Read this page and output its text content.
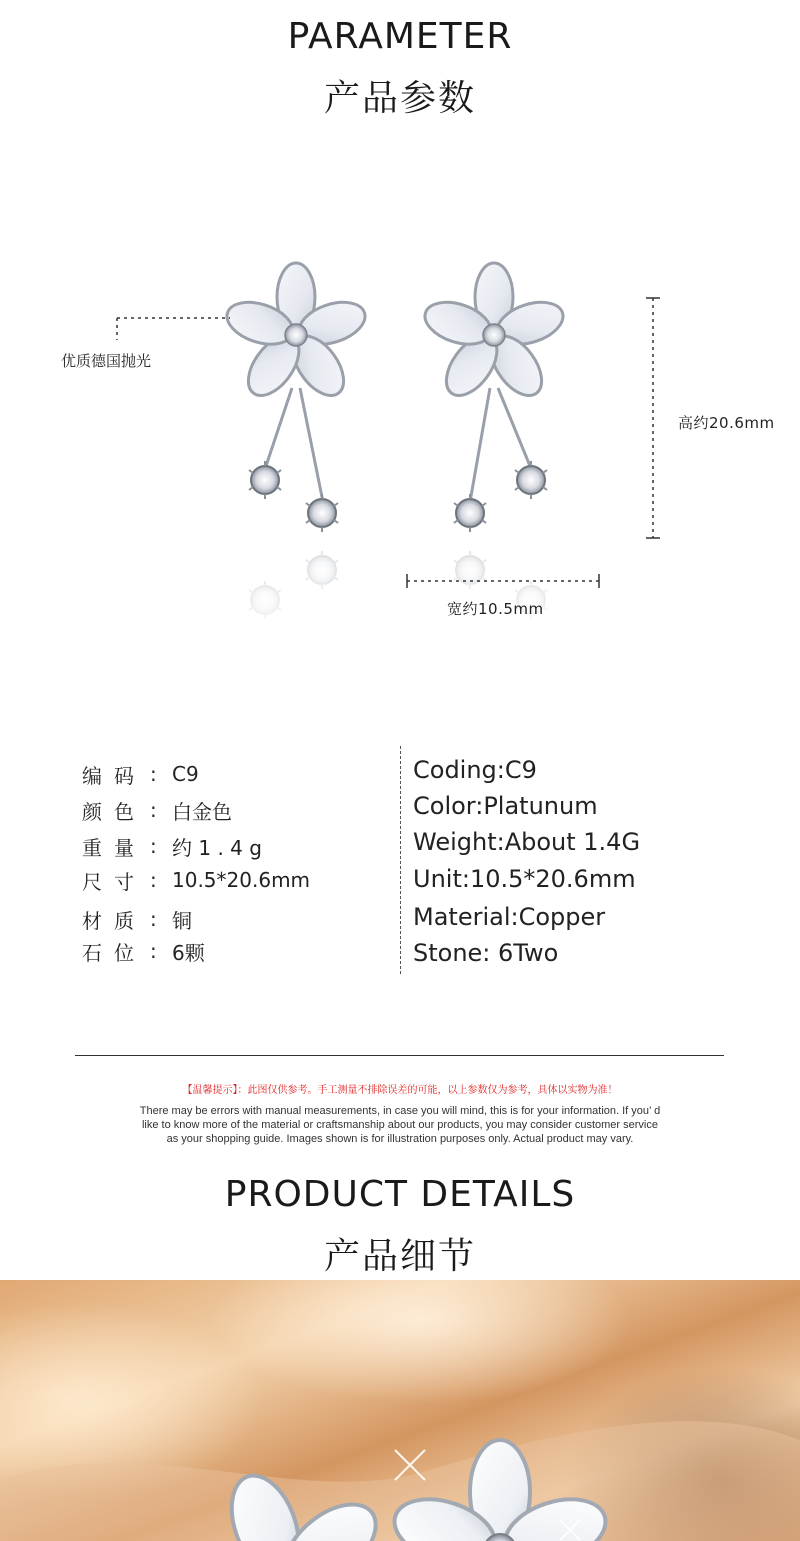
PARAMETER
产品参数
优质德国抛光
高约20.6mm
宽约10.5mm
编码 : C9
颜色 : 白金色
重量 : 约 1 . 4 g
尺寸 : 10.5*20.6mm
材质 : 铜
石位 : 6颗
Coding:C9
Color:Platunum
Weight:About 1.4G
Unit:10.5*20.6mm
Material:Copper
Stone: 6Two
【温馨提示】：此图仅供参考。手工测量不排除误差的可能，以上参数仅为参考，具体以实物为准！
There may be errors with manual measurements, in case you will mind, this is for your information. If you’ d
like to know more of the material or craftsmanship about our products, you may consider customer service
as your shopping guide. Images shown is for illustration purposes only. Actual product may vary.
PRODUCT DETAILS
产品细节
